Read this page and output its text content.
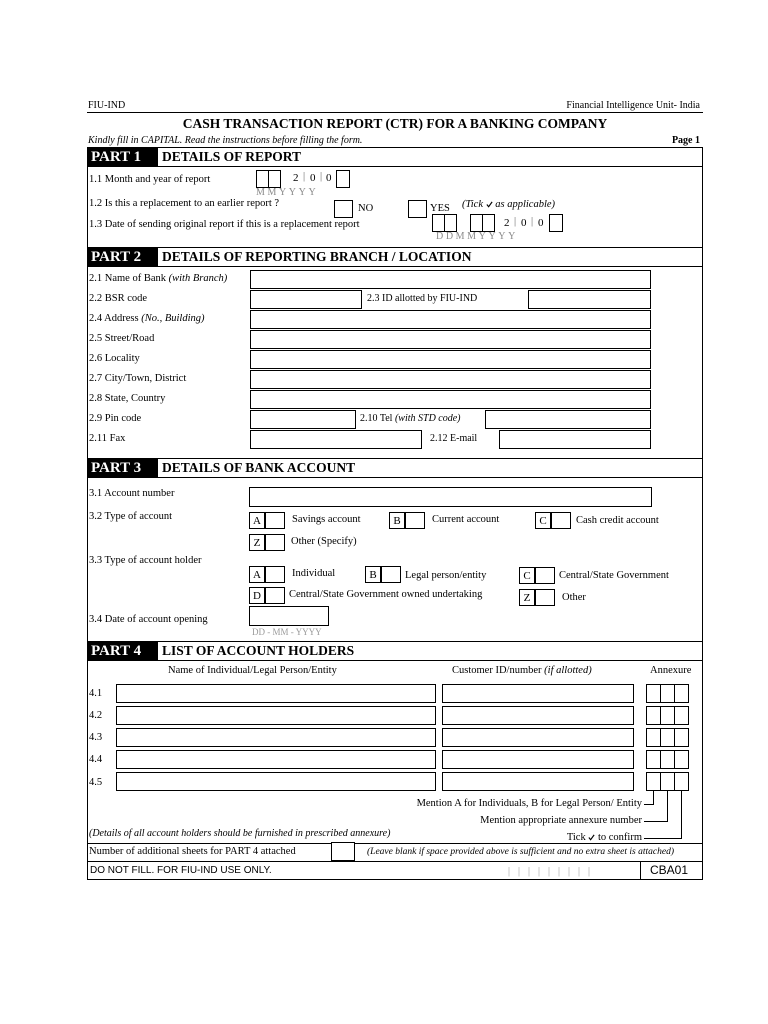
FIU-IND	Financial Intelligence Unit- India
CASH TRANSACTION REPORT (CTR) FOR A BANKING COMPANY
Kindly fill in CAPITAL. Read the instructions before filling the form.	Page 1
PART 1	DETAILS OF REPORT
1.1 Month and year of report	2 | 0 | 0
MMYYYY
1.2 Is this a replacement to an earlier report ?	NO	YES (Tick as applicable)
1.3 Date of sending original report if this is a replacement report	2 | 0 | 0
DDMMYYYY
PART 2	DETAILS OF REPORTING BRANCH / LOCATION
2.1 Name of Bank (with Branch)
2.2 BSR code	2.3 ID allotted by FIU-IND
2.4 Address (No., Building)
2.5 Street/Road
2.6 Locality
2.7 City/Town, District
2.8 State, Country
2.9 Pin code	2.10 Tel (with STD code)
2.11 Fax	2.12 E-mail
PART 3	DETAILS OF BANK ACCOUNT
3.1 Account number
3.2 Type of account	A	Savings account	B	Current account	C	Cash credit account
Z	Other (Specify)
3.3 Type of account holder
A	Individual	B	Legal person/entity	C	Central/State Government
D	Central/State Government owned undertaking	Z	Other
3.4 Date of account opening
DD - MM - YYYY
PART 4	LIST OF ACCOUNT HOLDERS
Name of Individual/Legal Person/Entity	Customer ID/number (if allotted)	Annexure
4.1
4.2
4.3
4.4
4.5
Mention A for Individuals, B for Legal Person/ Entity
Mention appropriate annexure number
(Details of all account holders should be furnished in prescribed annexure)	Tick to confirm
Number of additional sheets for PART 4 attached	(Leave blank if space provided above is sufficient and no extra sheet is attached)
DO NOT FILL. FOR FIU-IND USE ONLY.	|||||||||	CBA01
